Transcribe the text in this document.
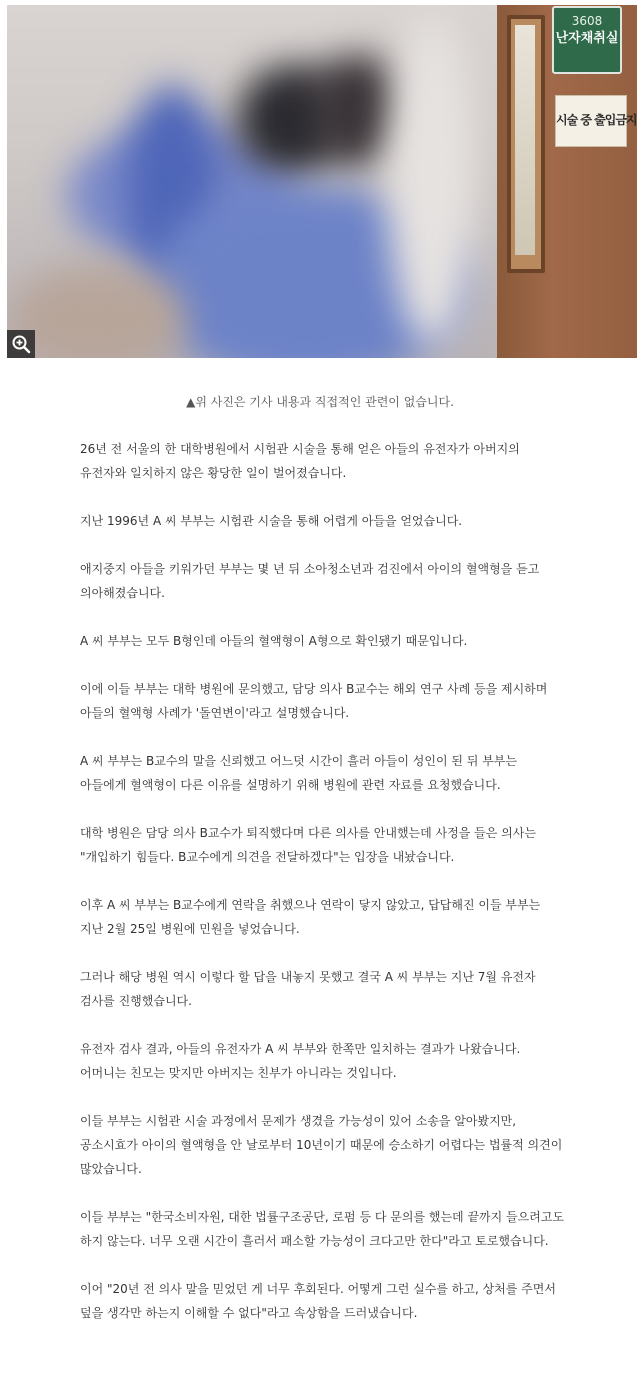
3608
난자채취실
시술 중 출입금지
▲위 사진은 기사 내용과 직접적인 관련이 없습니다.

26년 전 서울의 한 대학병원에서 시험관 시술을 통해 얻은 아들의 유전자가 아버지의 유전자와 일치하지 않은 황당한 일이 벌어졌습니다.

지난 1996년 A 씨 부부는 시험관 시술을 통해 어렵게 아들을 얻었습니다.

애지중지 아들을 키워가던 부부는 몇 년 뒤 소아청소년과 검진에서 아이의 혈액형을 듣고 의아해졌습니다.

A 씨 부부는 모두 B형인데 아들의 혈액형이 A형으로 확인됐기 때문입니다.

이에 이들 부부는 대학 병원에 문의했고, 담당 의사 B교수는 해외 연구 사례 등을 제시하며 아들의 혈액형 사례가 '돌연변이'라고 설명했습니다.

A 씨 부부는 B교수의 말을 신뢰했고 어느덧 시간이 흘러 아들이 성인이 된 뒤 부부는 아들에게 혈액형이 다른 이유를 설명하기 위해 병원에 관련 자료를 요청했습니다.

대학 병원은 담당 의사 B교수가 퇴직했다며 다른 의사를 안내했는데 사정을 들은 의사는 "개입하기 힘들다. B교수에게 의견을 전달하겠다"는 입장을 내놨습니다.

이후 A 씨 부부는 B교수에게 연락을 취했으나 연락이 닿지 않았고, 답답해진 이들 부부는 지난 2월 25일 병원에 민원을 넣었습니다.

그러나 해당 병원 역시 이렇다 할 답을 내놓지 못했고 결국 A 씨 부부는 지난 7월 유전자 검사를 진행했습니다.

유전자 검사 결과, 아들의 유전자가 A 씨 부부와 한쪽만 일치하는 결과가 나왔습니다. 어머니는 친모는 맞지만 아버지는 친부가 아니라는 것입니다.

이들 부부는 시험관 시술 과정에서 문제가 생겼을 가능성이 있어 소송을 알아봤지만, 공소시효가 아이의 혈액형을 안 날로부터 10년이기 때문에 승소하기 어렵다는 법률적 의견이 많았습니다.

이들 부부는 "한국소비자원, 대한 법률구조공단, 로펌 등 다 문의를 했는데 끝까지 들으려고도 하지 않는다. 너무 오랜 시간이 흘러서 패소할 가능성이 크다고만 한다"라고 토로했습니다.

이어 "20년 전 의사 말을 믿었던 게 너무 후회된다. 어떻게 그런 실수를 하고, 상처를 주면서 덮을 생각만 하는지 이해할 수 없다"라고 속상함을 드러냈습니다.
